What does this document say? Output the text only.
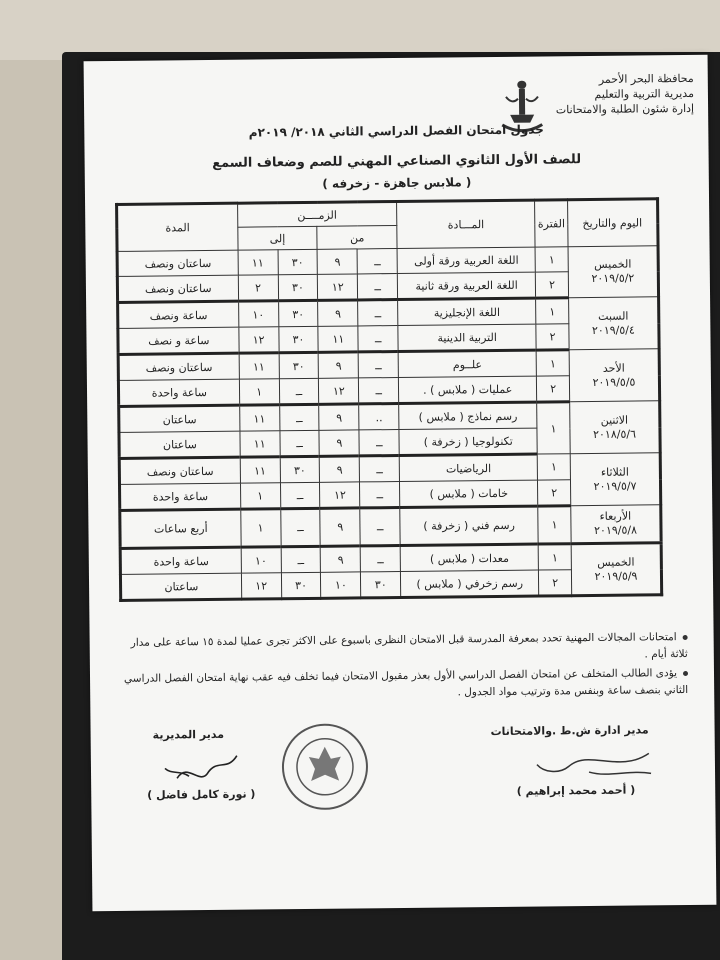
محافظة البحر الأحمر
مديرية التربية والتعليم
إدارة شئون الطلبة والامتحانات
جدول امتحان الفصل الدراسي الثاني ٢٠١٨/ ٢٠١٩م
للصف الأول الثانوي الصناعي المهني للصم وضعاف السمع
( ملابس جاهزة - زخرفه )
اليوم والتاريخ	الفترة	المـــادة	الزمــــن				المدة
			من		إلى		

الخميس
٢٠١٩/٥/٢	١	اللغة العربية ورقة أولى	ــ	٩	٣٠	١١	ساعتان ونصف
	٢	اللغة العربية ورقة ثانية	ــ	١٢	٣٠	٢	ساعتان ونصف

السبت
٢٠١٩/٥/٤	١	اللغة الإنجليزية	ــ	٩	٣٠	١٠	ساعة ونصف
	٢	التربية الدينية	ــ	١١	٣٠	١٢	ساعة و نصف

الأحد
٢٠١٩/٥/٥	١	علــوم	ــ	٩	٣٠	١١	ساعتان ونصف
	٢	عمليات ( ملابس ) .	ــ	١٢	ــ	١	ساعة واحدة

الاثنين
٢٠١٨/٥/٦	١	رسم نماذج ( ملابس )	..	٩	ــ	١١	ساعتان
		تكنولوجيا ( زخرفة )	ــ	٩	ــ	١١	ساعتان

الثلاثاء
٢٠١٩/٥/٧	١	الرياضيات	ــ	٩	٣٠	١١	ساعتان ونصف
	٢	خامات ( ملابس )	ــ	١٢	ــ	١	ساعة واحدة

الأربعاء
٢٠١٩/٥/٨	١	رسم فني ( زخرفة )	ــ	٩	ــ	١	أربع ساعات

الخميس
٢٠١٩/٥/٩	١	معدات ( ملابس )	ــ	٩	ــ	١٠	ساعة واحدة
	٢	رسم زخرفي ( ملابس )	٣٠	١٠	٣٠	١٢	ساعتان

امتحانات المجالات المهنية تحدد بمعرفة المدرسة قبل الامتحان النظرى باسبوع على الاكثر تجرى عمليا لمدة ١٥ ساعة على مدار ثلاثة أيام .

يؤدى الطالب المتخلف عن امتحان الفصل الدراسي الأول بعذر مقبول الامتحان فيما تخلف فيه عقب نهاية امتحان الفصل الدراسي الثاني بنصف ساعة وبنفس مدة وترتيب مواد الجدول .

مدير ادارة ش.ط .والامتحانات
( أحمد محمد إبراهيم )
مدير المديرية
( نورة كامل فاضل )
